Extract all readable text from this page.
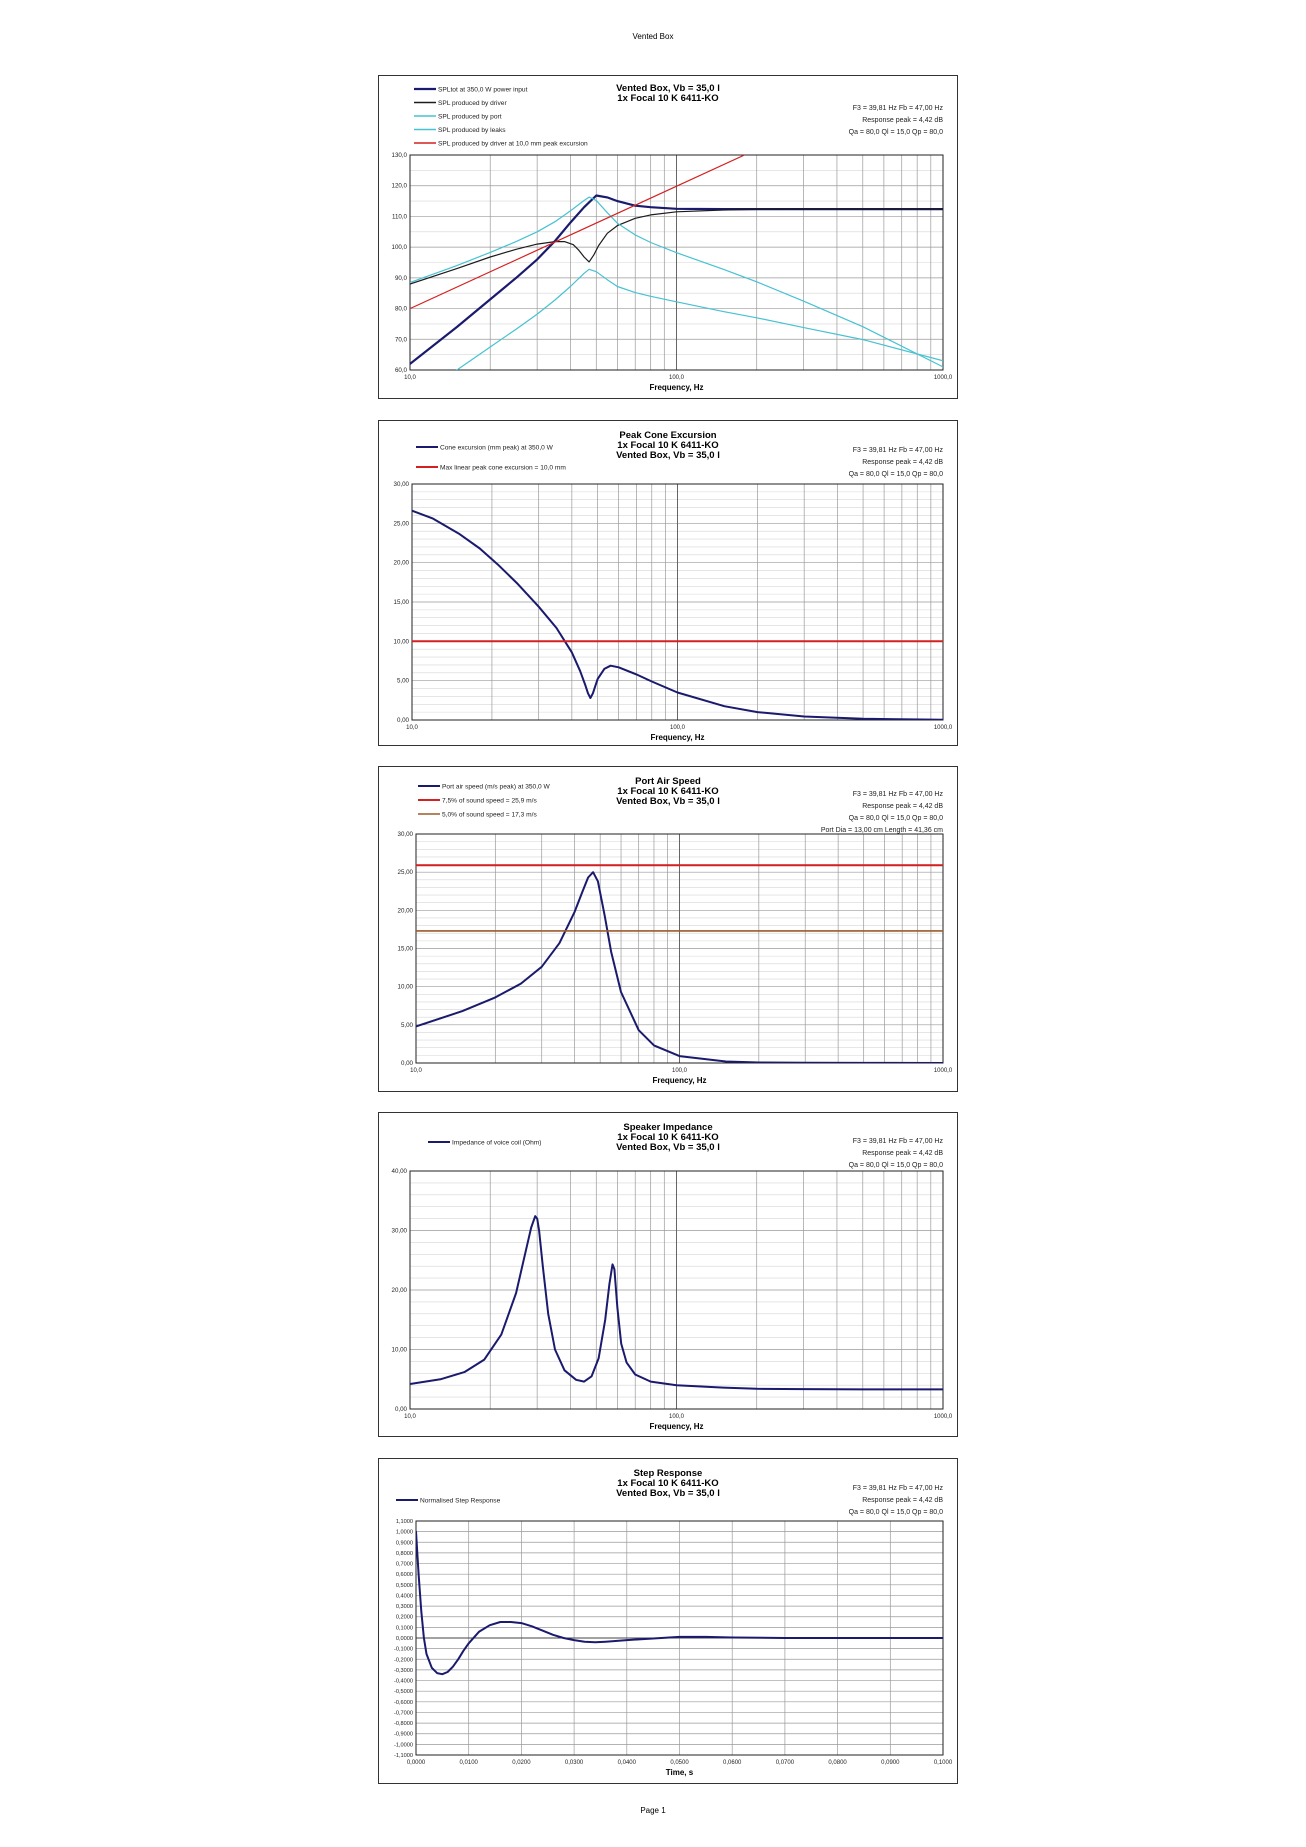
Vented Box
60,0
70,0
80,0
90,0
100,0
110,0
120,0
130,0
10,0	100,0	1000,0
Frequency, Hz
Vented Box, Vb = 35,0 l
1x Focal 10 K 6411-KO
F3 = 39,81 Hz Fb = 47,00 Hz
Response peak = 4,42 dB
Qa = 80,0 Ql = 15,0 Qp = 80,0
SPLtot at 350,0 W power input
SPL produced by driver
SPL produced by port
SPL produced by leaks
SPL produced by driver at 10,0 mm peak excursion
0,00
5,00
10,00
15,00
20,00
25,00
30,00
10,0	100,0	1000,0
Frequency, Hz
Peak Cone Excursion
1x Focal 10 K 6411-KO
Vented Box, Vb = 35,0 l	F3 = 39,81 Hz Fb = 47,00 Hz
Response peak = 4,42 dB
Qa = 80,0 Ql = 15,0 Qp = 80,0
Cone excursion (mm peak) at 350,0 W
Max linear peak cone excursion = 10,0 mm
0,00
5,00
10,00
15,00
20,00
25,00
30,00
10,0	100,0	1000,0
Frequency, Hz
Port Air Speed
1x Focal 10 K 6411-KO
Vented Box, Vb = 35,0 l
F3 = 39,81 Hz Fb = 47,00 Hz
Response peak = 4,42 dB
Qa = 80,0 Ql = 15,0 Qp = 80,0
Port Dia = 13,00 cm Length = 41,36 cm
Port air speed (m/s peak) at 350,0 W
7,5% of sound speed = 25,9 m/s
5,0% of sound speed = 17,3 m/s
0,00
10,00
20,00
30,00
40,00
10,0	100,0	1000,0
Frequency, Hz
Speaker Impedance
1x Focal 10 K 6411-KO
Vented Box, Vb = 35,0 l
F3 = 39,81 Hz Fb = 47,00 Hz
Response peak = 4,42 dB
Qa = 80,0 Ql = 15,0 Qp = 80,0
Impedance of voice coil (Ohm)
-1,1000
-1,0000
-0,9000
-0,8000
-0,7000
-0,6000
-0,5000
-0,4000
-0,3000
-0,2000
-0,1000
0,0000
0,1000
0,2000
0,3000
0,4000
0,5000
0,6000
0,7000
0,8000
0,9000
1,0000
1,1000
0,0000	0,0100	0,0200	0,0300	0,0400	0,0500	0,0600	0,0700	0,0800	0,0900	0,1000
Time, s
Step Response
1x Focal 10 K 6411-KO
Vented Box, Vb = 35,0 l	F3 = 39,81 Hz Fb = 47,00 Hz
Response peak = 4,42 dB
Qa = 80,0 Ql = 15,0 Qp = 80,0
Normalised Step Response
Page 1
